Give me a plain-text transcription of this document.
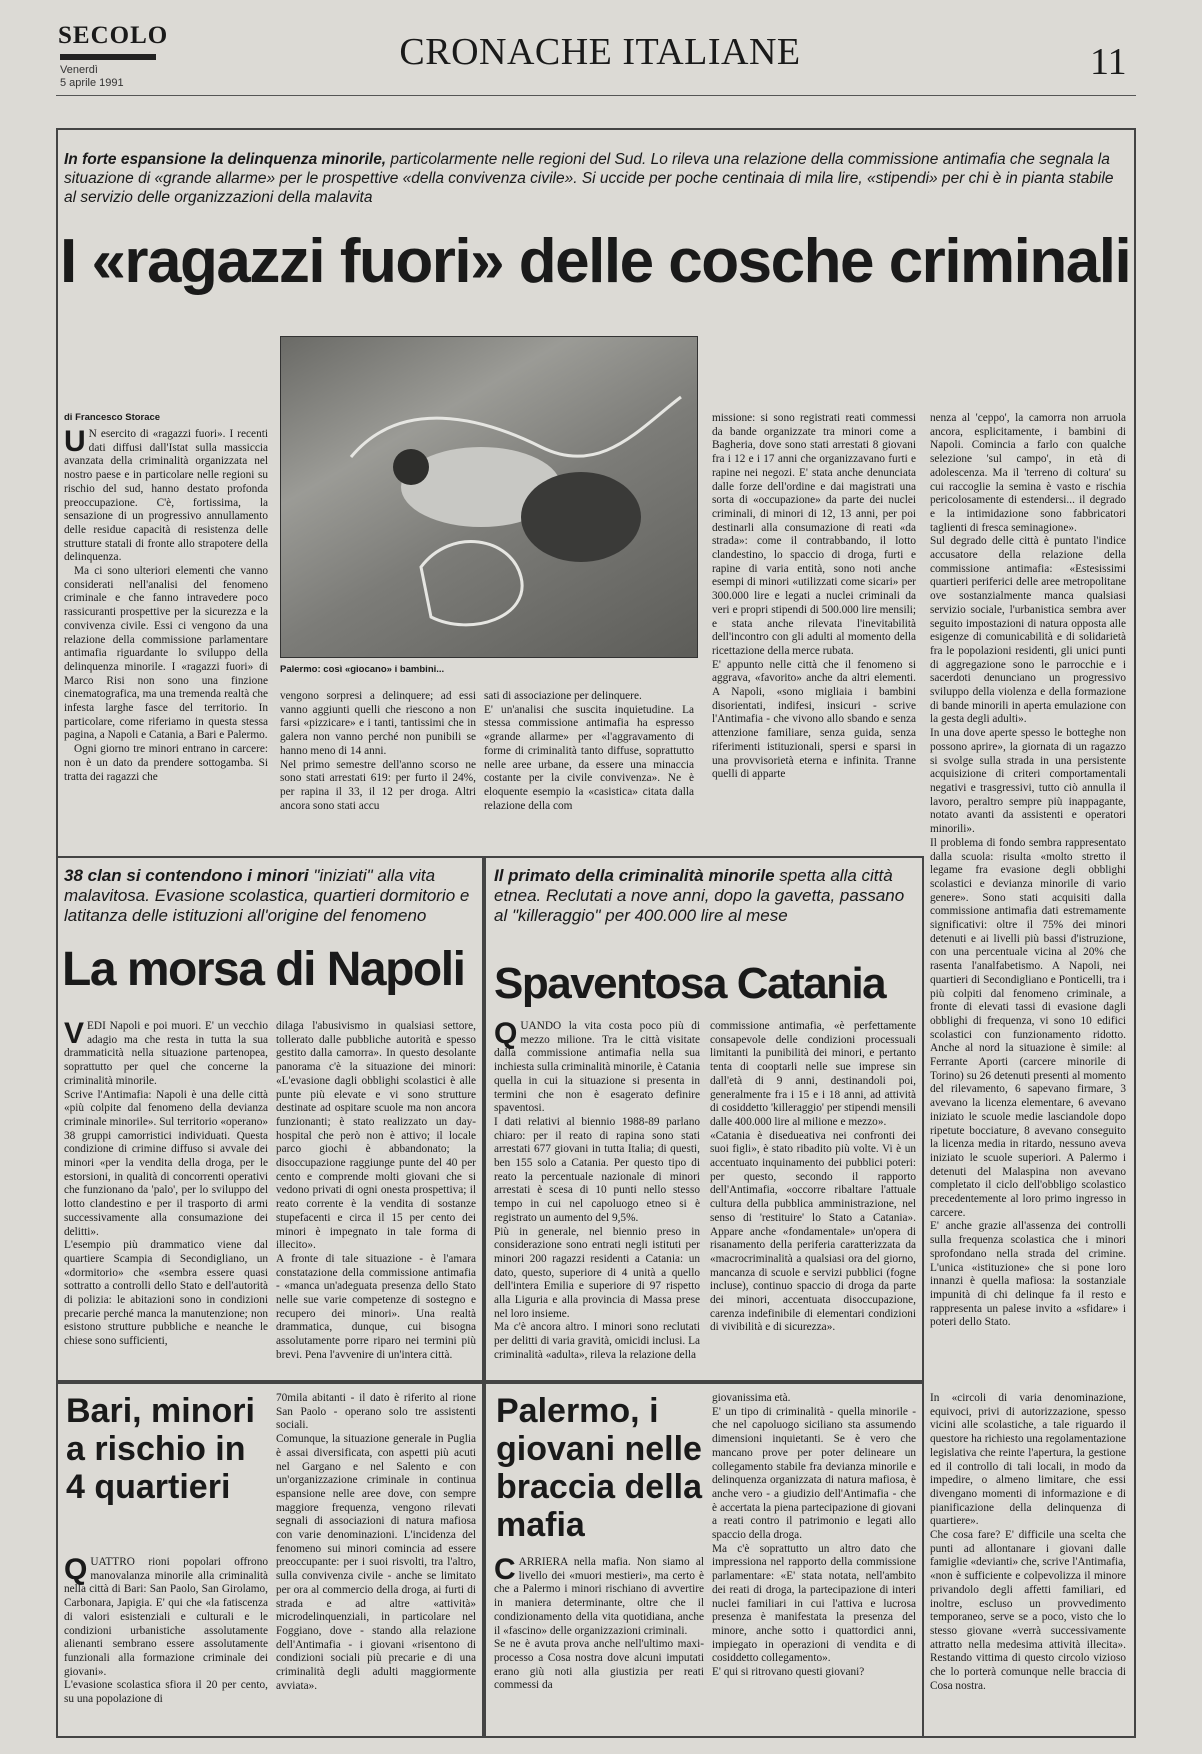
SECOLO
Venerdì
5 aprile 1991
CRONACHE ITALIANE	11
In forte espansione la delinquenza minorile, particolarmente nelle regioni del Sud. Lo rileva una relazione della commissione antimafia che segnala la situazione di «grande allarme» per le prospettive «della convivenza civile». Si uccide per poche centinaia di mila lire, «stipendi» per chi è in pianta stabile al servizio delle organizzazioni della malavita
I «ragazzi fuori» delle cosche criminali
di Francesco Storace

U N esercito di «ragazzi fuori». I recenti dati diffusi dall'Istat sulla massiccia avanzata della criminalità organizzata nel nostro paese e in particolare nelle regioni su rischio del sud, hanno destato profonda preoccupazione. C'è, fortissima, la sensazione di un progressivo annullamento delle residue capacità di resistenza delle strutture statali di fronte allo strapotere della delinquenza.

Ma ci sono ulteriori elementi che vanno considerati nell'analisi del fenomeno criminale e che fanno intravedere poco rassicuranti prospettive per la sicurezza e la convivenza civile. Essi ci vengono da una relazione della commissione parlamentare antimafia riguardante lo sviluppo della delinquenza minorile. I «ragazzi fuori» di Marco Risi non sono una finzione cinematografica, ma una tremenda realtà che infesta larghe fasce del territorio. In particolare, come riferiamo in questa stessa pagina, a Napoli e Catania, a Bari e Palermo.

Ogni giorno tre minori entrano in carcere: non è un dato da prendere sottogamba. Si tratta dei ragazzi che

Palermo: così «giocano» i bambini...
vengono sorpresi a delinquere; ad essi vanno aggiunti quelli che riescono a non farsi «pizzicare» e i tanti, tantissimi che in galera non vanno perché non punibili se hanno meno di 14 anni.
Nel primo semestre dell'anno scorso ne sono stati arrestati 619: per furto il 24%, per rapina il 33, il 12 per droga. Altri ancora sono stati accu
sati di associazione per delinquere.
E' un'analisi che suscita inquietudine. La stessa commissione antimafia ha espresso «grande allarme» per «l'aggravamento di forme di criminalità tanto diffuse, soprattutto nelle aree urbane, da essere una minaccia costante per la civile convivenza». Ne è eloquente esempio la «casistica» citata dalla relazione della com
missione: si sono registrati reati commessi da bande organizzate tra minori come a Bagheria, dove sono stati arrestati 8 giovani fra i 12 e i 17 anni che organizzavano furti e rapine nei negozi. E' stata anche denunciata dalle forze dell'ordine e dai magistrati una sorta di «occupazione» da parte dei nuclei criminali, di minori di 12, 13 anni, per poi destinarli alla consumazione di reati «da strada»: come il contrabbando, il lotto clandestino, lo spaccio di droga, furti e rapine di varia entità, sono noti anche esempi di minori «utilizzati come sicari» per 300.000 lire e legati a nuclei criminali da veri e propri stipendi di 500.000 lire mensili; e stata anche rilevata l'inevitabilità dell'incontro con gli adulti al momento della ricettazione della merce rubata.
E' appunto nelle città che il fenomeno si aggrava, «favorito» anche da altri elementi. A Napoli, «sono migliaia i bambini disorientati, indifesi, insicuri - scrive l'Antimafia - che vivono allo sbando e senza attenzione familiare, senza guida, senza riferimenti istituzionali, spersi e sparsi in una provvisorietà eterna e infinita. Tranne quelli di apparte
nenza al 'ceppo', la camorra non arruola ancora, esplicitamente, i bambini di Napoli. Comincia a farlo con qualche selezione 'sul campo', in età di adolescenza. Ma il 'terreno di coltura' su cui raccoglie la semina è vasto e rischia pericolosamente di estendersi... il degrado e la intimidazione sono fabbricatori taglienti di fresca seminagione».
Sul degrado delle città è puntato l'indice accusatore della relazione della commissione antimafia: «Estesissimi quartieri periferici delle aree metropolitane ove sostanzialmente manca qualsiasi servizio sociale, l'urbanistica sembra aver seguito impostazioni di natura opposta alle esigenze di comunicabilità e di solidarietà fra le popolazioni residenti, gli unici punti di aggregazione sono le parrocchie e i sacerdoti denunciano un progressivo sviluppo della violenza e della formazione di bande minorili in aperta emulazione con la gesta degli adulti».
In una dove aperte spesso le botteghe non possono aprire», la giornata di un ragazzo si svolge sulla strada in una persistente acquisizione di criteri comportamentali negativi e trasgressivi, tutto ciò annulla il lavoro, peraltro sempre più inappagante, notato avanti da assistenti e operatori minorili».
Il problema di fondo sembra rappresentato dalla scuola: risulta «molto stretto il legame fra evasione degli obblighi scolastici e devianza minorile di vario genere». Sono stati acquisiti dalla commissione antimafia dati estremamente significativi: oltre il 75% dei minori detenuti e ai livelli più bassi d'istruzione, con una percentuale vicina al 20% che rasenta l'analfabetismo. A Napoli, nei quartieri di Secondigliano e Ponticelli, tra i più colpiti dal fenomeno criminale, a fronte di elevati tassi di evasione dagli obblighi di frequenza, vi sono 10 edifici scolastici con funzionamento ridotto. Anche al nord la situazione è simile: al Ferrante Aporti (carcere minorile di Torino) su 26 detenuti presenti al momento del rilevamento, 6 sapevano firmare, 3 avevano la licenza elementare, 6 avevano iniziato le scuole medie lasciandole dopo ripetute bocciature, 8 avevano conseguito la licenza media in ritardo, nessuno aveva iniziato le scuole superiori. A Palermo i detenuti del Malaspina non avevano completato il ciclo dell'obbligo scolastico precedentemente al loro primo ingresso in carcere.
E' anche grazie all'assenza dei controlli sulla frequenza scolastica che i minori sprofondano nella strada del crimine. L'unica «istituzione» che si pone loro innanzi è quella mafiosa: la sostanziale impunità di chi delinque fa il resto e rappresenta un palese invito a «sfidare» i poteri dello Stato.
38 clan si contendono i minori "iniziati" alla vita malavitosa. Evasione scolastica, quartieri dormitorio e latitanza delle istituzioni all'origine del fenomeno
La morsa di Napoli
VEDI Napoli e poi muori. E' un vecchio adagio ma che resta in tutta la sua drammaticità nella situazione partenopea, soprattutto per quel che concerne la criminalità minorile.
Scrive l'Antimafia: Napoli è una delle città «più colpite dal fenomeno della devianza criminale minorile». Sul territorio «operano» 38 gruppi camorristici individuati. Questa condizione di crimine diffuso si avvale dei minori «per la vendita della droga, per le estorsioni, in qualità di concorrenti operativi che funzionano da 'palo', per lo sviluppo del lotto clandestino e per il trasporto di armi successivamente alla consumazione dei delitti».
L'esempio più drammatico viene dal quartiere Scampia di Secondigliano, un «dormitorio» che «sembra essere quasi sottratto a controlli dello Stato e dell'autorità di polizia: le abitazioni sono in condizioni precarie perché manca la manutenzione; non esistono strutture pubbliche e neanche le chiese sono sufficienti,
dilaga l'abusivismo in qualsiasi settore, tollerato dalle pubbliche autorità e spesso gestito dalla camorra». In questo desolante panorama c'è la situazione dei minori: «L'evasione dagli obblighi scolastici è alle punte più elevate e vi sono strutture destinate ad ospitare scuole ma non ancora funzionanti; è stato realizzato un day-hospital che però non è attivo; il locale parco giochi è abbandonato; la disoccupazione raggiunge punte del 40 per cento e comprende molti giovani che si vedono privati di ogni onesta prospettiva; il reato corrente è la vendita di sostanze stupefacenti e circa il 15 per cento dei minori è impegnato in tale forma di illecito».
A fronte di tale situazione - è l'amara constatazione della commissione antimafia - «manca un'adeguata presenza dello Stato nelle sue varie competenze di sostegno e recupero dei minori». Una realtà drammatica, dunque, cui bisogna assolutamente porre riparo nei termini più brevi. Pena l'avvenire di un'intera città.
Il primato della criminalità minorile spetta alla città etnea. Reclutati a nove anni, dopo la gavetta, passano al "killeraggio" per 400.000 lire al mese
Spaventosa Catania
QUANDO la vita costa poco più di mezzo milione. Tra le città visitate dalla commissione antimafia nella sua inchiesta sulla criminalità minorile, è Catania quella in cui la situazione si presenta in termini che non è esagerato definire spaventosi.
I dati relativi al biennio 1988-89 parlano chiaro: per il reato di rapina sono stati arrestati 677 giovani in tutta Italia; di questi, ben 155 solo a Catania. Per questo tipo di reato la percentuale nazionale di minori arrestati è scesa di 10 punti nello stesso tempo in cui nel capoluogo etneo si è registrato un aumento del 9,5%.
Più in generale, nel biennio preso in considerazione sono entrati negli istituti per minori 200 ragazzi residenti a Catania: un dato, questo, superiore di 4 unità a quello dell'intera Emilia e superiore di 97 rispetto alla Liguria e alla provincia di Massa prese nel loro insieme.
Ma c'è ancora altro. I minori sono reclutati per delitti di varia gravità, omicidi inclusi. La criminalità «adulta», rileva la relazione della
commissione antimafia, «è perfettamente consapevole delle condizioni processuali limitanti la punibilità dei minori, e pertanto tenta di cooptarli nelle sue imprese sin dall'età di 9 anni, destinandoli poi, generalmente fra i 15 e i 18 anni, ad attività di cosiddetto 'killeraggio' per stipendi mensili dalle 400.000 lire al milione e mezzo».
«Catania è disedueativa nei confronti dei suoi figli», è stato ribadito più volte. Vi è un accentuato inquinamento dei pubblici poteri: per questo, secondo il rapporto dell'Antimafia, «occorre ribaltare l'attuale cultura della pubblica amministrazione, nel senso di 'restituire' lo Stato a Catania». Appare anche «fondamentale» un'opera di risanamento della periferia caratterizzata da «macrocriminalità a qualsiasi ora del giorno, mancanza di scuole e servizi pubblici (fogne incluse), continuo spaccio di droga da parte dei minori, accentuata disoccupazione, carenza indefinibile di elementari condizioni di vivibilità e di sicurezza».
Bari, minori a rischio in 4 quartieri
QUATTRO rioni popolari offrono manovalanza minorile alla criminalità nella città di Bari: San Paolo, San Girolamo, Carbonara, Japigia. E' qui che «la fatiscenza di valori esistenziali e culturali e le condizioni urbanistiche assolutamente alienanti sembrano essere assolutamente funzionali alla formazione criminale dei giovani».
L'evasione scolastica sfiora il 20 per cento, su una popolazione di
70mila abitanti - il dato è riferito al rione San Paolo - operano solo tre assistenti sociali.
Comunque, la situazione generale in Puglia è assai diversificata, con aspetti più acuti nel Gargano e nel Salento e con un'organizzazione criminale in continua espansione nelle aree dove, con sempre maggiore frequenza, vengono rilevati segnali di associazioni di natura mafiosa con varie denominazioni. L'incidenza del fenomeno sui minori comincia ad essere preoccupante: per i suoi risvolti, tra l'altro, sulla convivenza civile - anche se limitato per ora al commercio della droga, ai furti di strada e ad altre «attività» microdelinquenziali, in particolare nel Foggiano, dove - stando alla relazione dell'Antimafia - i giovani «risentono di condizioni sociali più precarie e di una criminalità degli adulti maggiormente avviata».
Palermo, i giovani nelle braccia della mafia
CARRIERA nella mafia. Non siamo al livello dei «muori mestieri», ma certo è che a Palermo i minori rischiano di avvertire in maniera determinante, oltre che il condizionamento della vita quotidiana, anche il «fascino» delle organizzazioni criminali.
Se ne è avuta prova anche nell'ultimo maxi-processo a Cosa nostra dove alcuni imputati erano giù noti alla giustizia per reati commessi da
giovanissima età.
E' un tipo di criminalità - quella minorile - che nel capoluogo siciliano sta assumendo dimensioni inquietanti. Se è vero che mancano prove per poter delineare un collegamento stabile fra devianza minorile e delinquenza organizzata di natura mafiosa, è anche vero - a giudizio dell'Antimafia - che è accertata la piena partecipazione di giovani a reati contro il patrimonio e legati allo spaccio della droga.
Ma c'è soprattutto un altro dato che impressiona nel rapporto della commissione parlamentare: «E' stata notata, nell'ambito dei reati di droga, la partecipazione di interi nuclei familiari in cui l'attiva e lucrosa presenza è manifestata la presenza del minore, anche sotto i quattordici anni, impiegato in operazioni di vendita e di cosiddetto collegamento».
E' qui si ritrovano questi giovani?
In «circoli di varia denominazione, equivoci, privi di autorizzazione, spesso vicini alle scolastiche, a tale riguardo il questore ha richiesto una regolamentazione legislativa che reinte l'apertura, la gestione ed il controllo di tali locali, in modo da impedire, o almeno limitare, che essi divengano momenti di informazione e di pianificazione della delinquenza di quartiere».
Che cosa fare? E' difficile una scelta che punti ad allontanare i giovani dalle famiglie «devianti» che, scrive l'Antimafia, «non è sufficiente e colpevolizza il minore privandolo degli affetti familiari, ed inoltre, escluso un provvedimento temporaneo, serve se a poco, visto che lo stesso giovane «verrà successivamente attratto nella medesima attività illecita». Restando vittima di questo circolo vizioso che lo porterà comunque nelle braccia di Cosa nostra.
